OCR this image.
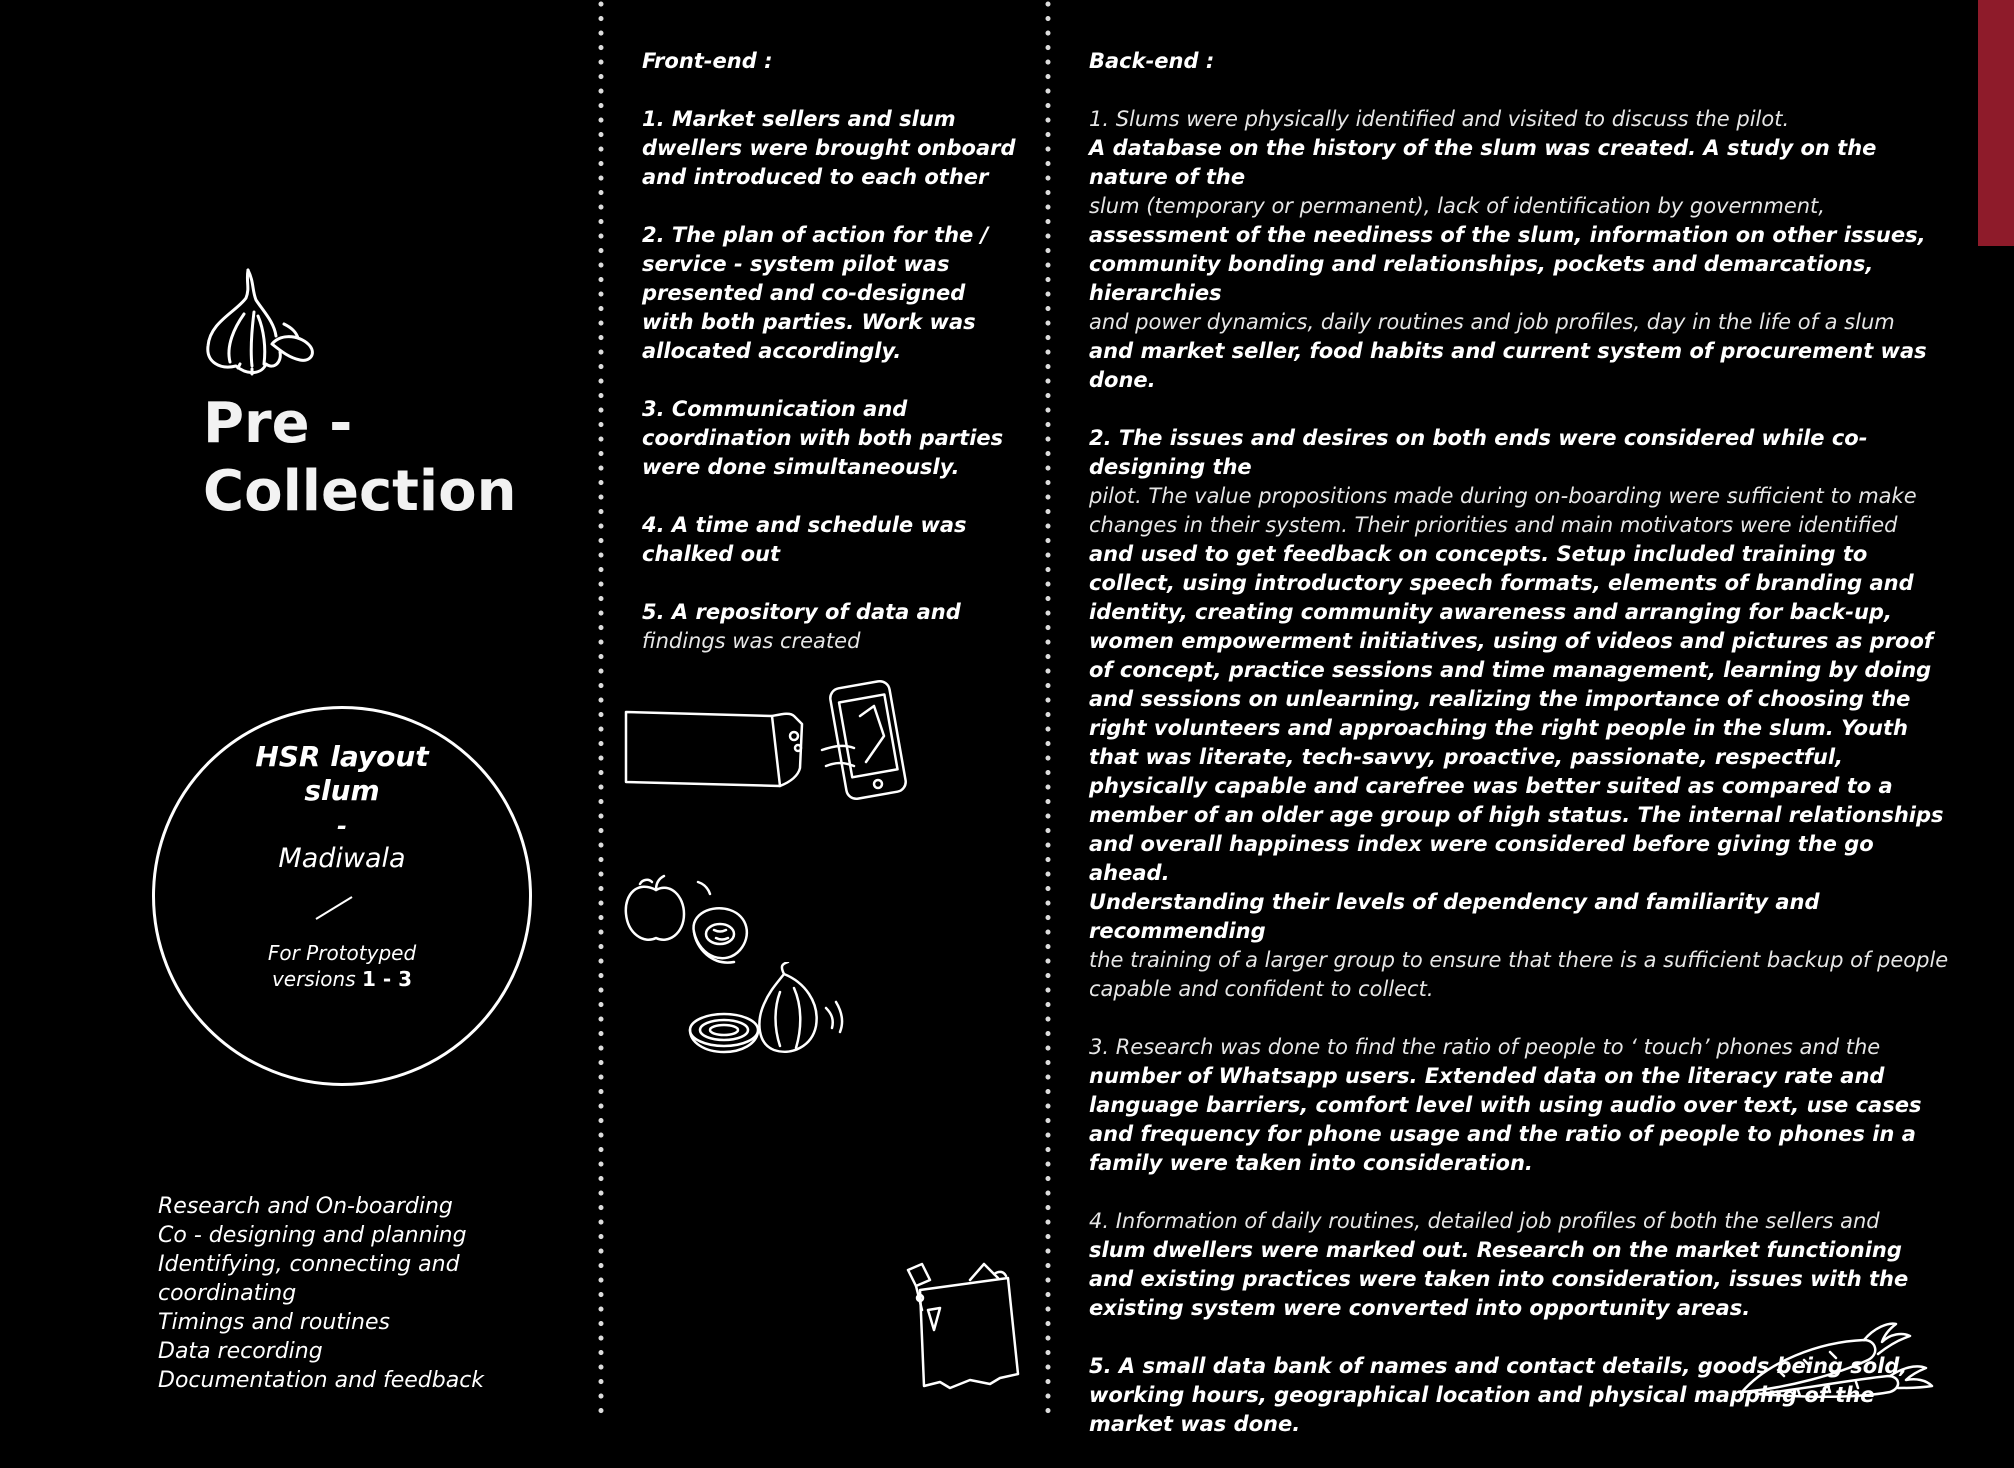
Pre -
Collection
HSR layout slum
-
Madiwala
For Prototyped versions 1 - 3
Research and On-boarding
Co - designing and planning
Identifying, connecting and
coordinating
Timings and routines
Data recording
Documentation and feedback
Front-end :

1. Market sellers and slum dwellers were brought onboard and introduced to each other

2. The plan of action for the / service - system pilot was presented and co-designed with both parties. Work was allocated accordingly.

3. Communication and coordination with both parties were done simultaneously.

4. A time and schedule was chalked out

5. A repository of data and
findings was created

Back-end :

1. Slums were physically identified and visited to discuss the pilot.
A database on the history of the slum was created. A study on the nature of the
slum (temporary or permanent), lack of identification by government,
assessment of the neediness of the slum, information on other issues, community bonding and relationships, pockets and demarcations, hierarchies
and power dynamics, daily routines and job profiles, day in the life of a slum
and market seller, food habits and current system of procurement was done.

2. The issues and desires on both ends were considered while co-designing the
pilot. The value propositions made during on-boarding were sufficient to make changes in their system. Their priorities and main motivators were identified
and used to get feedback on concepts. Setup included training to collect, using introductory speech formats, elements of branding and identity, creating community awareness and arranging for back-up, women empowerment initiatives, using of videos and pictures as proof of concept, practice sessions and time management, learning by doing and sessions on unlearning, realizing the importance of choosing the right volunteers and approaching the right people in the slum. Youth that was literate, tech-savvy, proactive, passionate, respectful, physically capable and carefree was better suited as compared to a member of an older age group of high status. The internal relationships and overall happiness index were considered before giving the go ahead.
Understanding their levels of dependency and familiarity and recommending
the training of a larger group to ensure that there is a sufficient backup of people capable and confident to collect.

3. Research was done to find the ratio of people to ‘ touch’ phones and the
number of Whatsapp users. Extended data on the literacy rate and language barriers, comfort level with using audio over text, use cases and frequency for phone usage and the ratio of people to phones in a family were taken into consideration.

4. Information of daily routines, detailed job profiles of both the sellers and
slum dwellers were marked out. Research on the market functioning and existing practices were taken into consideration, issues with the existing system were converted into opportunity areas.

5. A small data bank of names and contact details, goods being sold, working hours, geographical location and physical mapping of the market was done.
